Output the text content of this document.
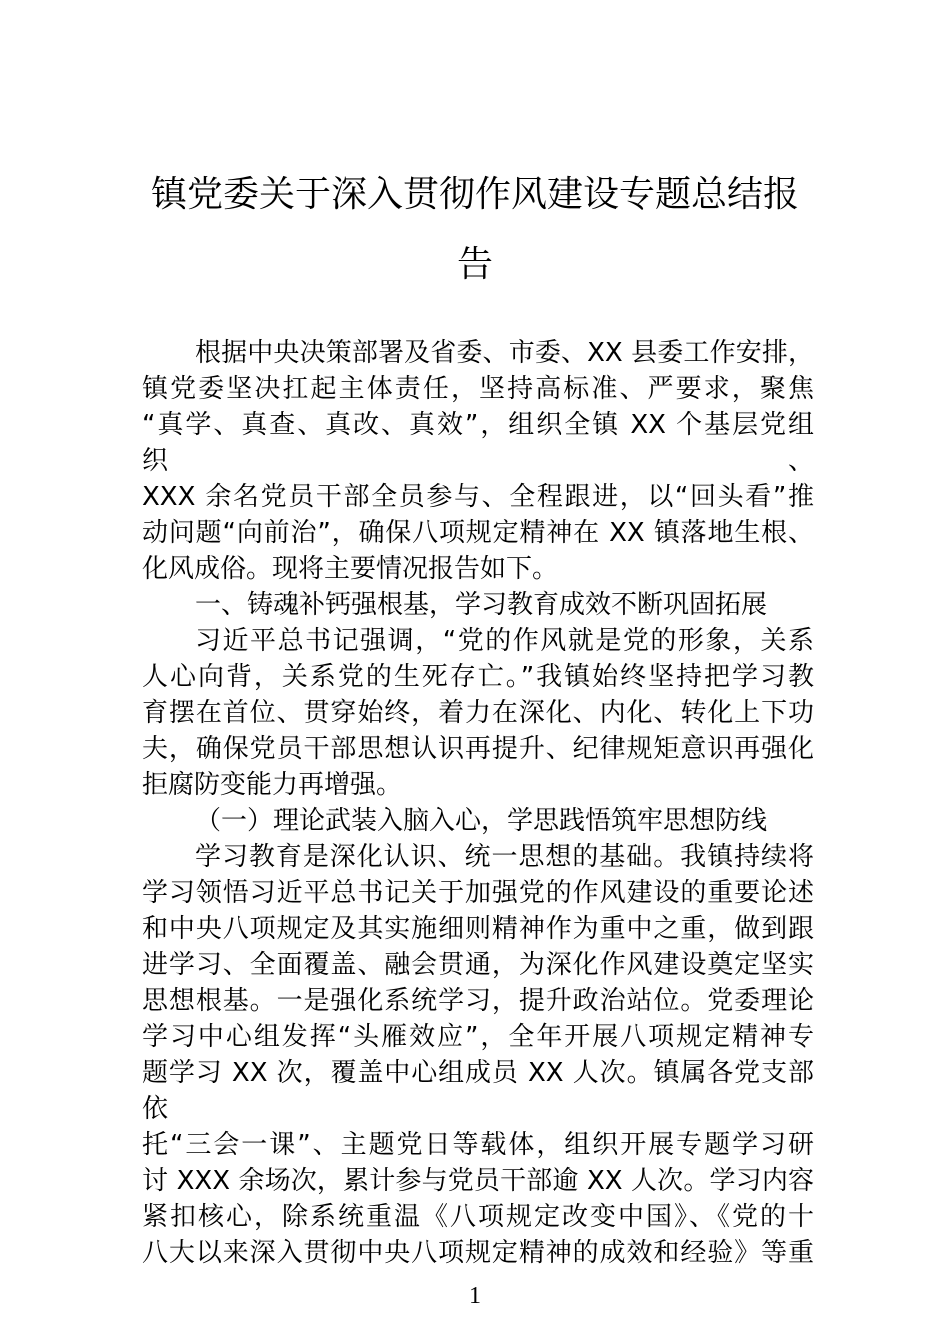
镇党委关于深入贯彻作风建设专题总结报
告
根据中央决策部署及省委、市委、XX 县委工作安排，
镇党委坚决扛起主体责任，坚持高标准、严要求，聚焦
“真学、真查、真改、真效”，组织全镇 XX 个基层党组织、
XXX 余名党员干部全员参与、全程跟进，以“回头看”推
动问题“向前治”，确保八项规定精神在 XX 镇落地生根、
化风成俗。现将主要情况报告如下。
一、铸魂补钙强根基，学习教育成效不断巩固拓展
习近平总书记强调，“党的作风就是党的形象，关系
人心向背，关系党的生死存亡。”我镇始终坚持把学习教
育摆在首位、贯穿始终，着力在深化、内化、转化上下功
夫，确保党员干部思想认识再提升、纪律规矩意识再强化
拒腐防变能力再增强。
（一）理论武装入脑入心，学思践悟筑牢思想防线
学习教育是深化认识、统一思想的基础。我镇持续将
学习领悟习近平总书记关于加强党的作风建设的重要论述
和中央八项规定及其实施细则精神作为重中之重，做到跟
进学习、全面覆盖、融会贯通，为深化作风建设奠定坚实
思想根基。一是强化系统学习，提升政治站位。党委理论
学习中心组发挥“头雁效应”，全年开展八项规定精神专
题学习 XX 次，覆盖中心组成员 XX 人次。镇属各党支部依
托“三会一课”、主题党日等载体，组织开展专题学习研
讨 XXX 余场次，累计参与党员干部逾 XX 人次。学习内容
紧扣核心，除系统重温《八项规定改变中国》、《党的十
八大以来深入贯彻中央八项规定精神的成效和经验》等重
1
